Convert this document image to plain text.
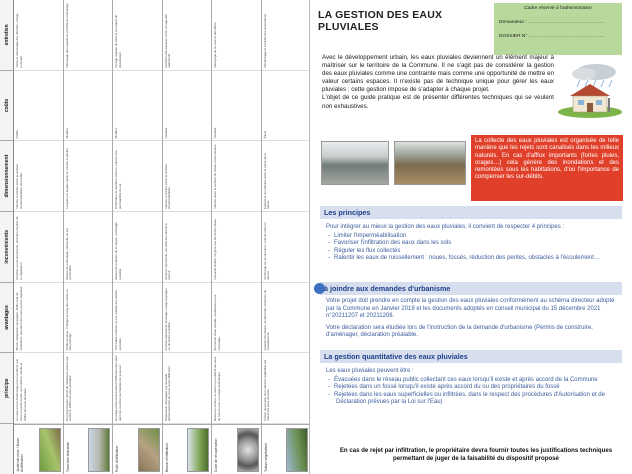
principe
avantages
inconvénients
dimensionnement
coûts
entretien
Jardin de pluie / Noue d'infiltration
La noue est un fossé large et peu profond, aux rives en pente douce, qui collecte, stocke et infiltre les eaux pluviales.
Bonne intégration paysagère, faible coût de réalisation, épuration des eaux par les végétaux.
Emprise au sol importante, entretien régulier de la végétation.
Volume à stocker selon la surface imperméabilisée raccordée.
Faible
Tonte et ramassage des déchets, curage ponctuel.
Tranchée drainante
Ouvrage linéaire rempli de matériaux poreux qui stocke et infiltre les eaux pluviales.
Faible emprise, s'intègre le long des voiries et des parkings.
Risque de colmatage, nécessite un sol perméable.
Longueur et largeur selon le volume à stocker.
Modéré
Nettoyage des regards et contrôle du colmatage.
Puits d'infiltration
Ouvrage profond permettant l'infiltration des eaux dans les couches perméables du sous-sol.
Très faible emprise au sol, adapté aux petites parcelles.
Risque de pollution de la nappe, colmatage possible.
Profondeur et diamètre selon le volume et la perméabilité du sol.
Modéré
Curage régulier du fond et du regard de décantation.
Bassin d'infiltration
Dépression aménagée qui recueille temporairement les eaux avant infiltration.
Grande capacité de stockage, usage paysager ou de loisirs possible.
Emprise importante, sécurité des abords à prévoir.
Volume à stocker selon la surface imperméabilisée.
Variable
Entretien des espaces verts, curage des sédiments.
Cuve de récupération
Réservoir enterré ou aérien qui collecte les eaux de toiture pour un usage domestique.
Économie d'eau potable, réutilisation pour l'arrosage.
Capacité limitée, ne gère pas les fortes pluies.
Volume selon la surface de toiture et les besoins.
Variable
Nettoyage de la cuve et des filtres.
Toiture végétalisée
Toiture recouverte d'un substrat végétalisé qui retient les eaux de pluie.
Isolation thermique, biodiversité, réduction du ruissellement.
Surcharge sur la structure, coût de mise en œuvre.
Épaisseur du substrat selon la pente de la toiture.
Élevé
Désherbage et contrôle des évacuations.	LA GESTION DES EAUX PLUVIALES
Cadre réservé à l'administration
Demandeur : …………………………………………
DOSSIER N°…………………………………………
Avec le développement urbain, les eaux pluviales deviennent un élément majeur à maîtriser sur le territoire de la Commune. Il ne s'agit pas de considérer la gestion des eaux pluviales comme une contrainte mais comme une opportunité de mettre en valeur certains espaces. Il n'existe pas de technique unique pour gérer les eaux pluviales : cette gestion impose de s'adapter à chaque projet.
L'objet de ce guide pratique est de présenter différentes techniques qui se veulent non exhaustives.
La collecte des eaux pluviales est organisée de telle manière que les rejets sont canalisés dans les milieux naturels. En cas d'afflux importants (fortes pluies, orages…) cela génère des inondations et des remontées sous les habitations, d'où l'importance de compenser les sur-débits.
Les principes
Pour intégrer au mieux la gestion des eaux pluviales, il convient de respecter 4 principes :
- Limiter l'imperméabilisation
- Favoriser l'infiltration des eaux dans les sols
- Réguler les flux collectés
- Ralentir les eaux de ruissellement : noues, fossés, réduction des pentes, obstacles à l'écoulement…
à joindre aux demandes d'urbanisme
Votre projet doit prendre en compte la gestion des eaux pluviales conformément au schéma directeur adopté par la Commune en Janvier 2019 et les documents adoptés en conseil municipal du 15 décembre 2021 n°20211207 et 20211208.
Votre déclaration sera étudiée lors de l'instruction de la demande d'urbanisme (Permis de construire, d'aménager, déclaration préalable.
La gestion quantitative des eaux pluviales
Les eaux pluviales peuvent être :
- Évacuées dans le réseau public collectant ces eaux lorsqu'il existe et après accord de la Commune
- Rejetées dans un fossé lorsqu'il existe après accord du ou des propriétaires du fossé
- Rejetées dans les eaux superficielles ou infiltrées, dans le respect des procédures d'Autorisation et de Déclaration prévues par la Loi sur l'Eau)
En cas de rejet par infiltration, le propriétaire devra fournir toutes les justifications techniques permettant de juger de la faisabilité du dispositif proposé
